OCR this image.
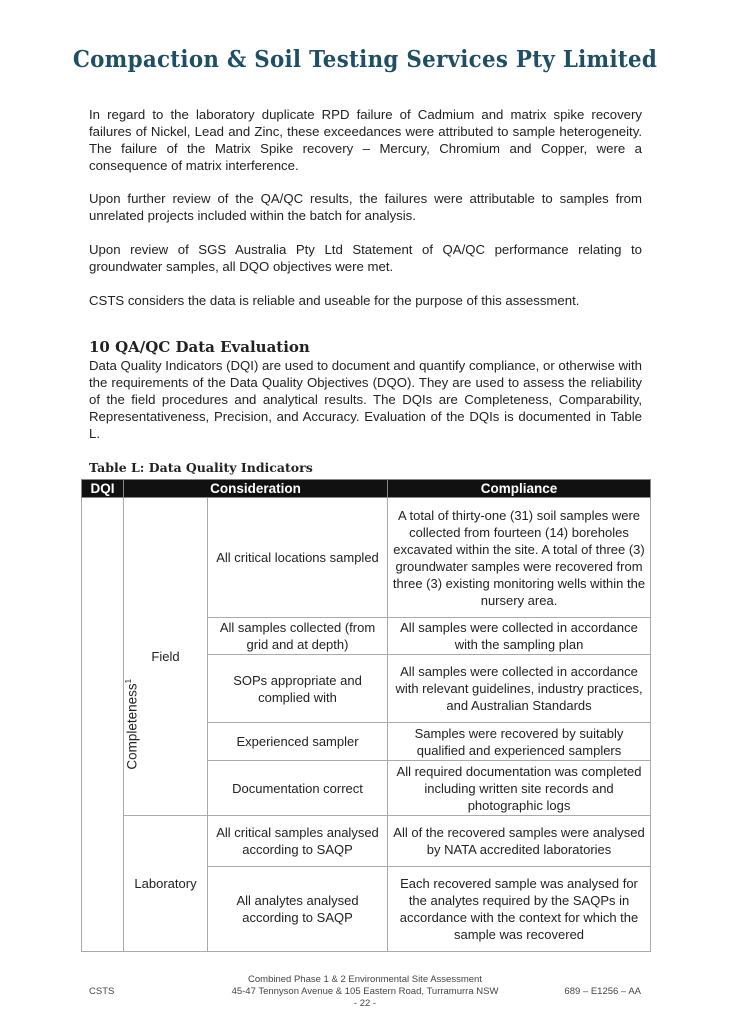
Compaction & Soil Testing Services Pty Limited

In regard to the laboratory duplicate RPD failure of Cadmium and matrix spike recovery failures of Nickel, Lead and Zinc, these exceedances were attributed to sample heterogeneity. The failure of the Matrix Spike recovery – Mercury, Chromium and Copper, were a consequence of matrix interference.

Upon further review of the QA/QC results, the failures were attributable to samples from unrelated projects included within the batch for analysis.

Upon review of SGS Australia Pty Ltd Statement of QA/QC performance relating to groundwater samples, all DQO objectives were met.

CSTS considers the data is reliable and useable for the purpose of this assessment.

10 QA/QC Data Evaluation

Data Quality Indicators (DQI) are used to document and quantify compliance, or otherwise with the requirements of the Data Quality Objectives (DQO). They are used to assess the reliability of the field procedures and analytical results. The DQIs are Completeness, Comparability, Representativeness, Precision, and Accuracy. Evaluation of the DQIs is documented in Table L.

Table L: Data Quality Indicators
DQI	Consideration		Compliance
Completeness$^1$	Field	All critical locations sampled	A total of thirty-one (31) soil samples were collected from fourteen (14) boreholes excavated within the site. A total of three (3) groundwater samples were recovered from three (3) existing monitoring wells within the nursery area.
		All samples collected (from grid and at depth)	All samples were collected in accordance with the sampling plan
		SOPs appropriate and complied with	All samples were collected in accordance with relevant guidelines, industry practices, and Australian Standards
		Experienced sampler	Samples were recovered by suitably qualified and experienced samplers
		Documentation correct	All required documentation was completed including written site records and photographic logs
	Laboratory	All critical samples analysed according to SAQP	All of the recovered samples were analysed by NATA accredited laboratories
		All analytes analysed according to SAQP	Each recovered sample was analysed for the analytes required by the SAQPs in accordance with the context for which the sample was recovered
CSTS
Combined Phase 1 & 2 Environmental Site Assessment
45-47 Tennyson Avenue & 105 Eastern Road, Turramurra NSW
- 22 -
689 – E1256 – AA
